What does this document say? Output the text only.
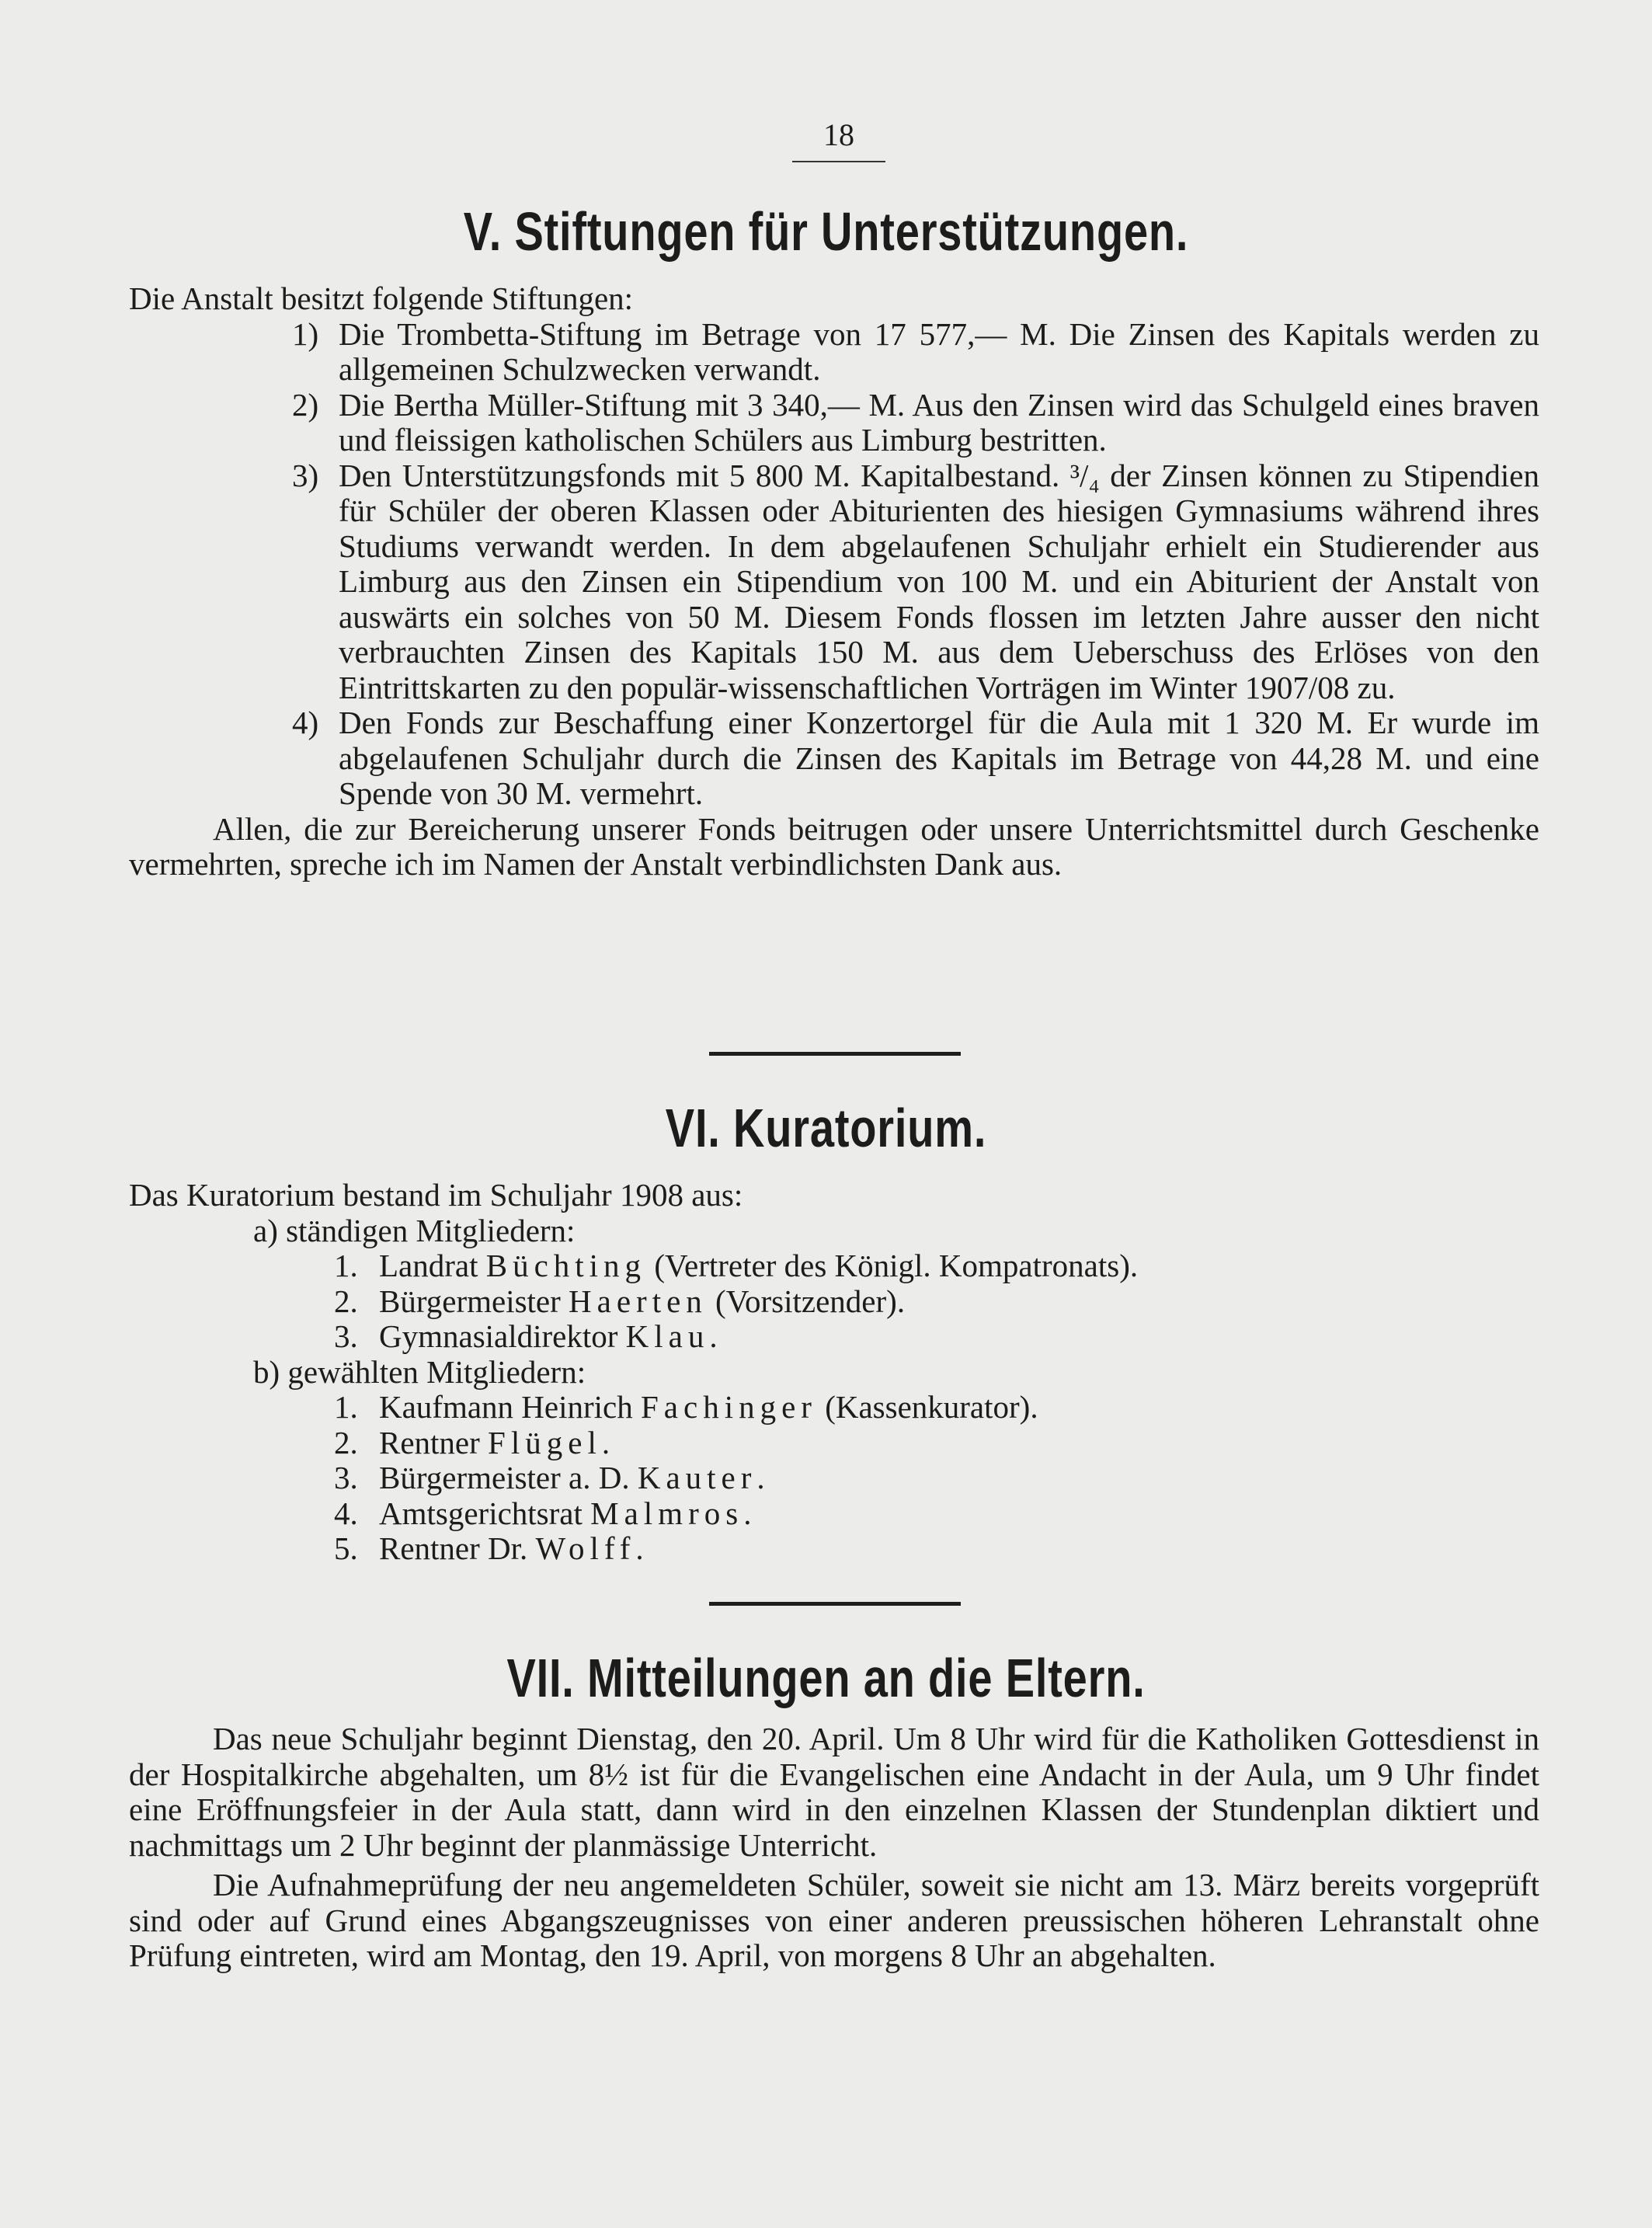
18
V. Stiftungen für Unterstützungen.

Die Anstalt besitzt folgende Stiftungen:

1) Die Trombetta-Stiftung im Betrage von 17 577,— M. Die Zinsen des Kapitals werden zu allgemeinen Schulzwecken verwandt.
2) Die Bertha Müller-Stiftung mit 3 340,— M. Aus den Zinsen wird das Schulgeld eines braven und fleissigen katholischen Schülers aus Limburg bestritten.
3) Den Unterstützungsfonds mit 5 800 M. Kapitalbestand. ³/₄ der Zinsen können zu Stipendien für Schüler der oberen Klassen oder Abiturienten des hiesigen Gymnasiums während ihres Studiums verwandt werden. In dem abgelaufenen Schuljahr erhielt ein Studierender aus Limburg aus den Zinsen ein Stipendium von 100 M. und ein Abiturient der Anstalt von auswärts ein solches von 50 M. Diesem Fonds flossen im letzten Jahre ausser den nicht verbrauchten Zinsen des Kapitals 150 M. aus dem Ueberschuss des Erlöses von den Eintrittskarten zu den populär-wissenschaftlichen Vorträgen im Winter 1907/08 zu.
4) Den Fonds zur Beschaffung einer Konzertorgel für die Aula mit 1 320 M. Er wurde im abgelaufenen Schuljahr durch die Zinsen des Kapitals im Betrage von 44,28 M. und eine Spende von 30 M. vermehrt.

Allen, die zur Bereicherung unserer Fonds beitrugen oder unsere Unterrichtsmittel durch Geschenke vermehrten, spreche ich im Namen der Anstalt verbindlichsten Dank aus.

VI. Kuratorium.

Das Kuratorium bestand im Schuljahr 1908 aus:

a) ständigen Mitgliedern:
1. Landrat Büchting (Vertreter des Königl. Kompatronats).
2. Bürgermeister Haerten (Vorsitzender).
3. Gymnasialdirektor Klau.
b) gewählten Mitgliedern:
1. Kaufmann Heinrich Fachinger (Kassenkurator).
2. Rentner Flügel.
3. Bürgermeister a. D. Kauter.
4. Amtsgerichtsrat Malmros.
5. Rentner Dr. Wolff.
VII. Mitteilungen an die Eltern.

Das neue Schuljahr beginnt Dienstag, den 20. April. Um 8 Uhr wird für die Katholiken Gottesdienst in der Hospitalkirche abgehalten, um 8½ ist für die Evangelischen eine Andacht in der Aula, um 9 Uhr findet eine Eröffnungsfeier in der Aula statt, dann wird in den einzelnen Klassen der Stundenplan diktiert und nachmittags um 2 Uhr beginnt der planmässige Unterricht.

Die Aufnahmeprüfung der neu angemeldeten Schüler, soweit sie nicht am 13. März bereits vorgeprüft sind oder auf Grund eines Abgangszeugnisses von einer anderen preussischen höheren Lehranstalt ohne Prüfung eintreten, wird am Montag, den 19. April, von morgens 8 Uhr an abgehalten.
